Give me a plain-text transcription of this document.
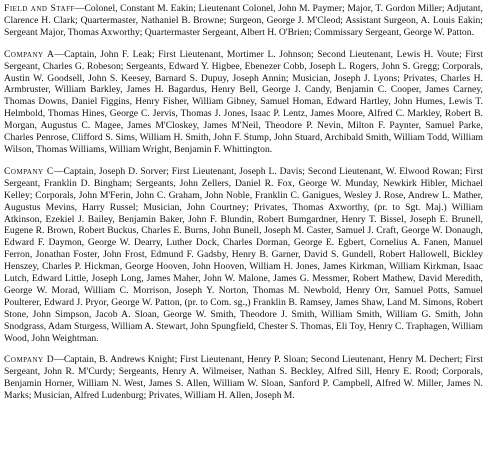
Field and Staff—Colonel, Constant M. Eakin; Lieutenant Colonel, John M. Paymer; Major, T. Gordon Miller; Adjutant, Clarence H. Clark; Quartermaster, Nathaniel B. Browne; Surgeon, George J. M'Cleod; Assistant Surgeon, A. Louis Eakin; Sergeant Major, Thomas Axworthy; Quartermaster Sergeant, Albert H. O'Brien; Commissary Sergeant, George W. Patton.

Company A—Captain, John F. Leak; First Lieutenant, Mortimer L. Johnson; Second Lieutenant, Lewis H. Voute; First Sergeant, Charles G. Robeson; Sergeants, Edward Y. Higbee, Ebenezer Cobb, Joseph L. Rogers, John S. Gregg; Corporals, Austin W. Goodsell, John S. Keesey, Barnard S. Dupuy, Joseph Annin; Musician, Joseph J. Lyons; Privates, Charles H. Armbruster, William Barkley, James H. Bagardus, Henry Bell, George J. Candy, Benjamin C. Cooper, James Carney, Thomas Downs, Daniel Figgins, Henry Fisher, William Gibney, Samuel Homan, Edward Hartley, John Humes, Lewis T. Helmbold, Thomas Hines, George C. Jervis, Thomas J. Jones, Isaac P. Lentz, James Moore, Alfred C. Markley, Robert B. Morgan, Augustus C. Magee, James M'Closkey, James M'Neil, Theodore P. Nevin, Milton F. Paynter, Samuel Parke, Charles Penrose, Clifford S. Sims, William H. Smith, John F. Stump, John Stuard, Archibald Smith, William Todd, William Wilson, Thomas Williams, William Wright, Benjamin F. Whittington.

Company C—Captain, Joseph D. Sorver; First Lieutenant, Joseph L. Davis; Second Lieutenant, W. Elwood Rowan; First Sergeant, Franklin D. Bingham; Sergeants, John Zellers, Daniel R. Fox, George W. Munday, Newkirk Hibler, Michael Kelley; Corporals, John M'Ferin, John C. Graham, John Noble, Franklin C. Ganigues, Wesley J. Rose, Andrew L. Mather, Augustus Mevins, Harry Russel; Musician, John Courtney; Privates, Thomas Axworthy, (pr. to Sgt. Maj.) William Atkinson, Ezekiel J. Bailey, Benjamin Baker, John F. Blundin, Robert Bumgardner, Henry T. Bissel, Joseph E. Brunell, Eugene R. Brown, Robert Buckus, Charles E. Burns, John Bunell, Joseph M. Caster, Samuel J. Craft, George W. Donaugh, Edward F. Daymon, George W. Dearry, Luther Dock, Charles Dorman, George E. Egbert, Cornelius A. Fanen, Manuel Ferron, Jonathan Foster, John Frost, Edmund F. Gadsby, Henry B. Garner, David S. Gundell, Robert Hallowell, Bickley Henszey, Charles P. Hickman, George Hooven, John Hooven, William H. Jones, James Kirkman, William Kirkman, Isaac Lutch, Edward Little, Joseph Long, James Maher, John W. Malone, James G. Messmer, Robert Mathew, David Meredith, George W. Morad, William C. Morrison, Joseph Y. Norton, Thomas M. Newbold, Henry Orr, Samuel Potts, Samuel Poulterer, Edward J. Pryor, George W. Patton, (pr. to Com. sg.,) Franklin B. Ramsey, James Shaw, Land M. Simons, Robert Stone, John Simpson, Jacob A. Sloan, George W. Smith, Theodore J. Smith, William Smith, William G. Smith, John Snodgrass, Adam Sturgess, William A. Stewart, John Spungfield, Chester S. Thomas, Eli Toy, Henry C. Traphagen, William Wood, John Weightman.

Company D—Captain, B. Andrews Knight; First Lieutenant, Henry P. Sloan; Second Lieutenant, Henry M. Dechert; First Sergeant, John R. M'Curdy; Sergeants, Henry A. Wilmeiser, Nathan S. Beckley, Alfred Sill, Henry E. Rood; Corporals, Benjamin Horner, William N. West, James S. Allen, William W. Sloan, Sanford P. Campbell, Alfred W. Miller, James N. Marks; Musician, Alfred Ludenburg; Privates, William H. Allen, Joseph M.
